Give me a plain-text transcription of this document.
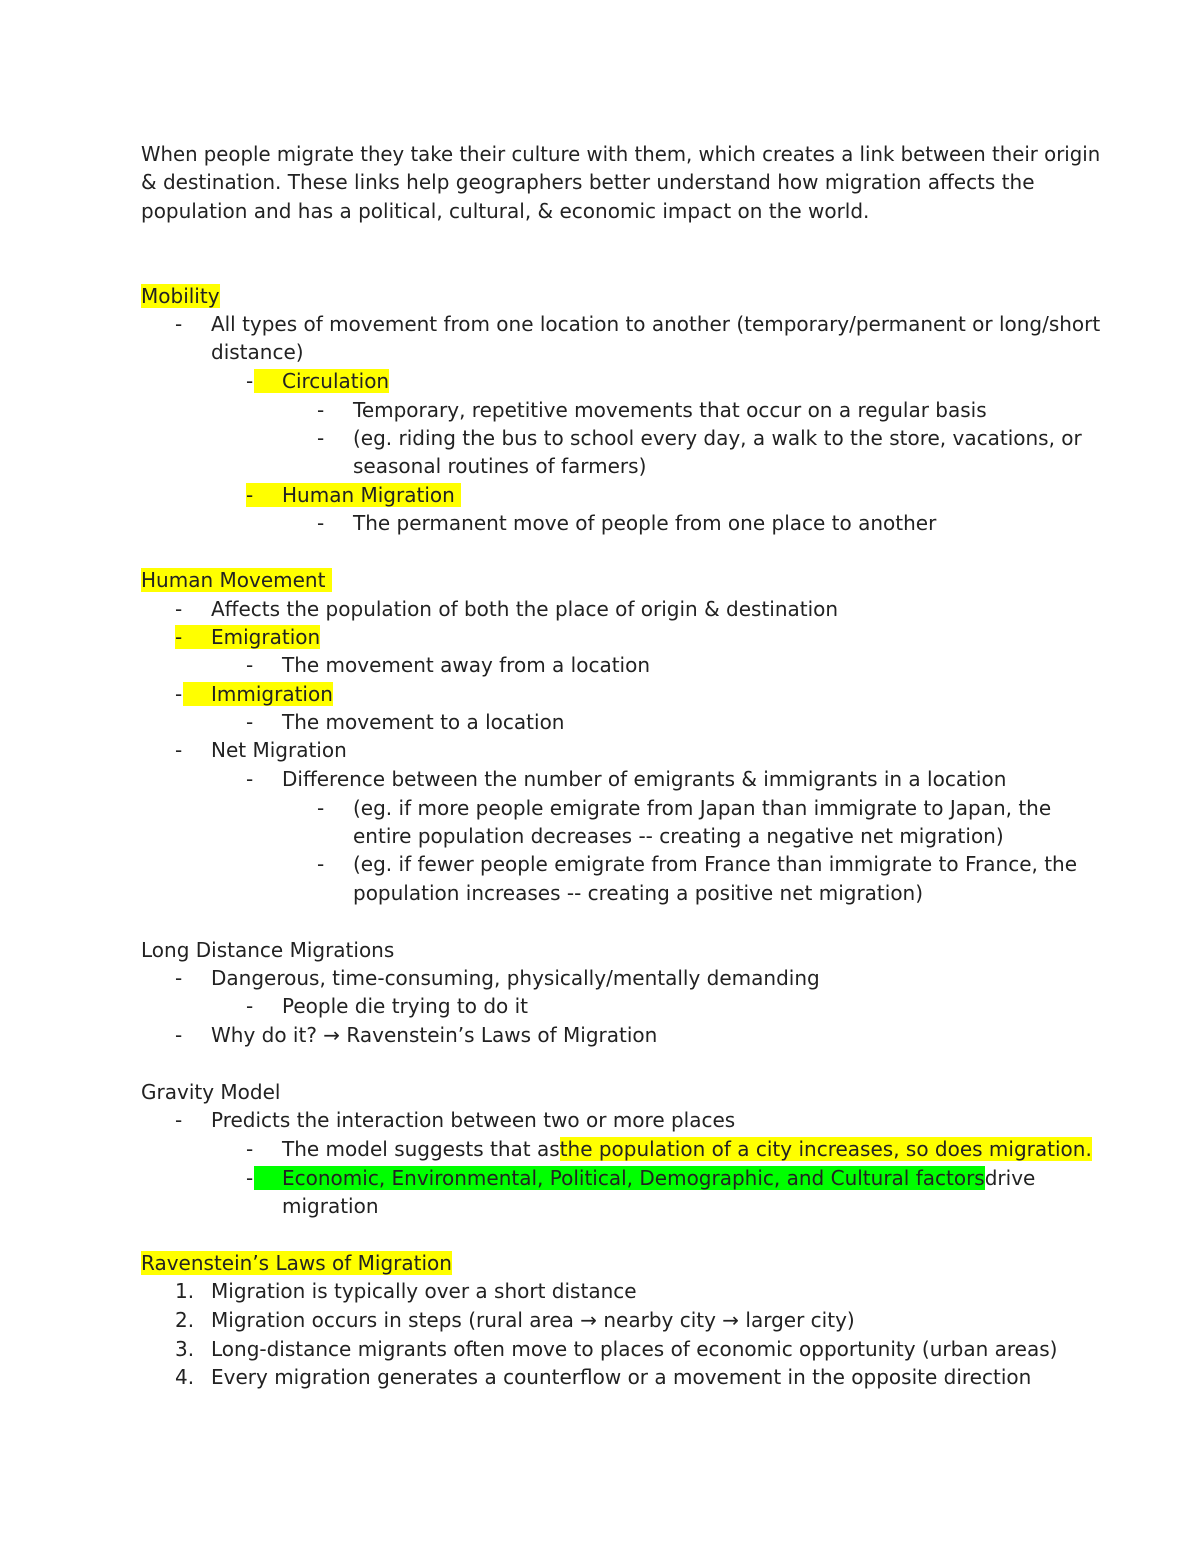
When people migrate they take their culture with them, which creates a link between their origin
& destination. These links help geographers better understand how migration affects the
population and has a political, cultural, & economic impact on the world.
Mobility
- All types of movement from one location to another (temporary/permanent or long/short
distance)
- Circulation
- Temporary, repetitive movements that occur on a regular basis
- (eg. riding the bus to school every day, a walk to the store, vacations, or
seasonal routines of farmers)
- Human Migration
- The permanent move of people from one place to another
Human Movement
- Affects the population of both the place of origin & destination
- Emigration
- The movement away from a location
- Immigration
- The movement to a location
- Net Migration
- Difference between the number of emigrants & immigrants in a location
- (eg. if more people emigrate from Japan than immigrate to Japan, the
entire population decreases -- creating a negative net migration)
- (eg. if fewer people emigrate from France than immigrate to France, the
population increases -- creating a positive net migration)
Long Distance Migrations
- Dangerous, time-consuming, physically/mentally demanding
- People die trying to do it
- Why do it? → Ravenstein’s Laws of Migration
Gravity Model
- Predicts the interaction between two or more places
- The model suggests that asthe population of a city increases, so does migration.
- Economic, Environmental, Political, Demographic, and Cultural factorsdrive
migration
Ravenstein’s Laws of Migration
1. Migration is typically over a short distance
2. Migration occurs in steps (rural area → nearby city → larger city)
3. Long-distance migrants often move to places of economic opportunity (urban areas)
4. Every migration generates a counterflow or a movement in the opposite direction
